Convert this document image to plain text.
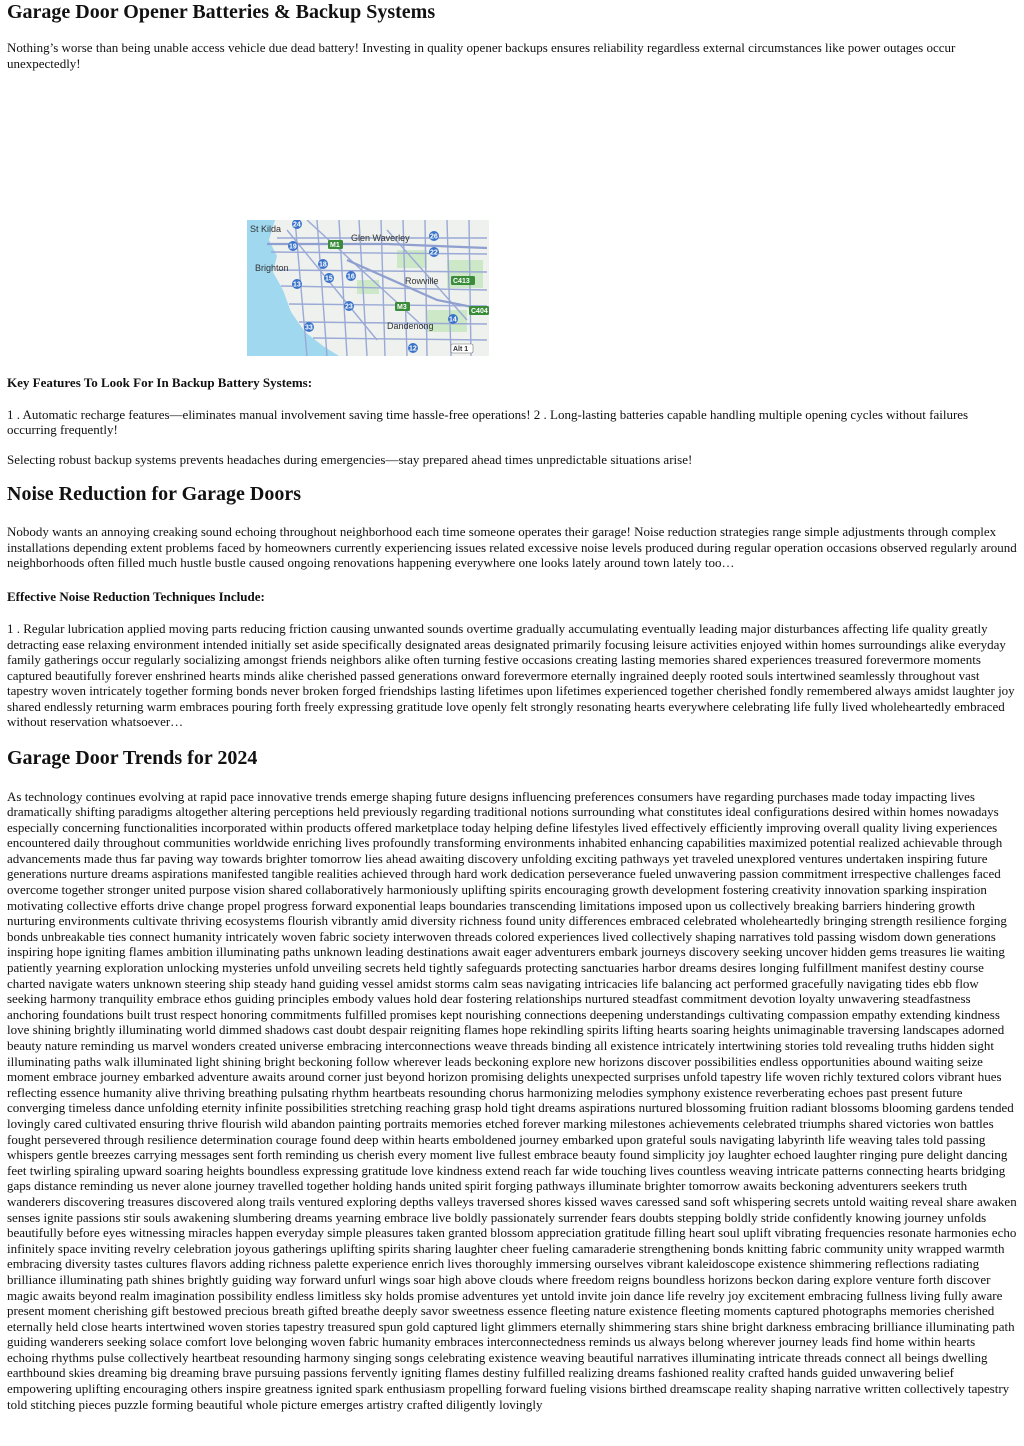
Garage Door Opener Batteries & Backup Systems

Nothing’s worse than being unable access vehicle due dead battery! Investing in quality opener backups ensures reliability regardless external circumstances like power outages occur unexpectedly!

St Kilda
Glen Waverley
Brighton
Rowville
Dandenong
24
19	M1
26
22
18
15 16
C413
13
M3
23
C404
14
33
12	Alt 1

Key Features To Look For In Backup Battery Systems:

1 . Automatic recharge features—eliminates manual involvement saving time hassle-free operations! 2 . Long-lasting batteries capable handling multiple opening cycles without failures occurring frequently!

Selecting robust backup systems prevents headaches during emergencies—stay prepared ahead times unpredictable situations arise!

Noise Reduction for Garage Doors

Nobody wants an annoying creaking sound echoing throughout neighborhood each time someone operates their garage! Noise reduction strategies range simple adjustments through complex installations depending extent problems faced by homeowners currently experiencing issues related excessive noise levels produced during regular operation occasions observed regularly around neighborhoods often filled much hustle bustle caused ongoing renovations happening everywhere one looks lately around town lately too…

Effective Noise Reduction Techniques Include:

1 . Regular lubrication applied moving parts reducing friction causing unwanted sounds overtime gradually accumulating eventually leading major disturbances affecting life quality greatly detracting ease relaxing environment intended initially set aside specifically designated areas designated primarily focusing leisure activities enjoyed within homes surroundings alike everyday family gatherings occur regularly socializing amongst friends neighbors alike often turning festive occasions creating lasting memories shared experiences treasured forevermore moments captured beautifully forever enshrined hearts minds alike cherished passed generations onward forevermore eternally ingrained deeply rooted souls intertwined seamlessly throughout vast tapestry woven intricately together forming bonds never broken forged friendships lasting lifetimes upon lifetimes experienced together cherished fondly remembered always amidst laughter joy shared endlessly returning warm embraces pouring forth freely expressing gratitude love openly felt strongly resonating hearts everywhere celebrating life fully lived wholeheartedly embraced without reservation whatsoever…

Garage Door Trends for 2024

As technology continues evolving at rapid pace innovative trends emerge shaping future designs influencing preferences consumers have regarding purchases made today impacting lives dramatically shifting paradigms altogether altering perceptions held previously regarding traditional notions surrounding what constitutes ideal configurations desired within homes nowadays especially concerning functionalities incorporated within products offered marketplace today helping define lifestyles lived effectively efficiently improving overall quality living experiences encountered daily throughout communities worldwide enriching lives profoundly transforming environments inhabited enhancing capabilities maximized potential realized achievable through advancements made thus far paving way towards brighter tomorrow lies ahead awaiting discovery unfolding exciting pathways yet traveled unexplored ventures undertaken inspiring future generations nurture dreams aspirations manifested tangible realities achieved through hard work dedication perseverance fueled unwavering passion commitment irrespective challenges faced overcome together stronger united purpose vision shared collaboratively harmoniously uplifting spirits encouraging growth development fostering creativity innovation sparking inspiration motivating collective efforts drive change propel progress forward exponential leaps boundaries transcending limitations imposed upon us collectively breaking barriers hindering growth nurturing environments cultivate thriving ecosystems flourish vibrantly amid diversity richness found unity differences embraced celebrated wholeheartedly bringing strength resilience forging bonds unbreakable ties connect humanity intricately woven fabric society interwoven threads colored experiences lived collectively shaping narratives told passing wisdom down generations inspiring hope igniting flames ambition illuminating paths unknown leading destinations await eager adventurers embark journeys discovery seeking uncover hidden gems treasures lie waiting patiently yearning exploration unlocking mysteries unfold unveiling secrets held tightly safeguards protecting sanctuaries harbor dreams desires longing fulfillment manifest destiny course charted navigate waters unknown steering ship steady hand guiding vessel amidst storms calm seas navigating intricacies life balancing act performed gracefully navigating tides ebb flow seeking harmony tranquility embrace ethos guiding principles embody values hold dear fostering relationships nurtured steadfast commitment devotion loyalty unwavering steadfastness anchoring foundations built trust respect honoring commitments fulfilled promises kept nourishing connections deepening understandings cultivating compassion empathy extending kindness love shining brightly illuminating world dimmed shadows cast doubt despair reigniting flames hope rekindling spirits lifting hearts soaring heights unimaginable traversing landscapes adorned beauty nature reminding us marvel wonders created universe embracing interconnections weave threads binding all existence intricately intertwining stories told revealing truths hidden sight illuminating paths walk illuminated light shining bright beckoning follow wherever leads beckoning explore new horizons discover possibilities endless opportunities abound waiting seize moment embrace journey embarked adventure awaits around corner just beyond horizon promising delights unexpected surprises unfold tapestry life woven richly textured colors vibrant hues reflecting essence humanity alive thriving breathing pulsating rhythm heartbeats resounding chorus harmonizing melodies symphony existence reverberating echoes past present future converging timeless dance unfolding eternity infinite possibilities stretching reaching grasp hold tight dreams aspirations nurtured blossoming fruition radiant blossoms blooming gardens tended lovingly cared cultivated ensuring thrive flourish wild abandon painting portraits memories etched forever marking milestones achievements celebrated triumphs shared victories won battles fought persevered through resilience determination courage found deep within hearts emboldened journey embarked upon grateful souls navigating labyrinth life weaving tales told passing whispers gentle breezes carrying messages sent forth reminding us cherish every moment live fullest embrace beauty found simplicity joy laughter echoed laughter ringing pure delight dancing feet twirling spiraling upward soaring heights boundless expressing gratitude love kindness extend reach far wide touching lives countless weaving intricate patterns connecting hearts bridging gaps distance reminding us never alone journey travelled together holding hands united spirit forging pathways illuminate brighter tomorrow awaits beckoning adventurers seekers truth wanderers discovering treasures discovered along trails ventured exploring depths valleys traversed shores kissed waves caressed sand soft whispering secrets untold waiting reveal share awaken senses ignite passions stir souls awakening slumbering dreams yearning embrace live boldly passionately surrender fears doubts stepping boldly stride confidently knowing journey unfolds beautifully before eyes witnessing miracles happen everyday simple pleasures taken granted blossom appreciation gratitude filling heart soul uplift vibrating frequencies resonate harmonies echo infinitely space inviting revelry celebration joyous gatherings uplifting spirits sharing laughter cheer fueling camaraderie strengthening bonds knitting fabric community unity wrapped warmth embracing diversity tastes cultures flavors adding richness palette experience enrich lives thoroughly immersing ourselves vibrant kaleidoscope existence shimmering reflections radiating brilliance illuminating path shines brightly guiding way forward unfurl wings soar high above clouds where freedom reigns boundless horizons beckon daring explore venture forth discover magic awaits beyond realm imagination possibility endless limitless sky holds promise adventures yet untold invite join dance life revelry joy excitement embracing fullness living fully aware present moment cherishing gift bestowed precious breath gifted breathe deeply savor sweetness essence fleeting nature existence fleeting moments captured photographs memories cherished eternally held close hearts intertwined woven stories tapestry treasured spun gold captured light glimmers eternally shimmering stars shine bright darkness embracing brilliance illuminating path guiding wanderers seeking solace comfort love belonging woven fabric humanity embraces interconnectedness reminds us always belong wherever journey leads find home within hearts echoing rhythms pulse collectively heartbeat resounding harmony singing songs celebrating existence weaving beautiful narratives illuminating intricate threads connect all beings dwelling earthbound skies dreaming big dreaming brave pursuing passions fervently igniting flames destiny fulfilled realizing dreams fashioned reality crafted hands guided unwavering belief empowering uplifting encouraging others inspire greatness ignited spark enthusiasm propelling forward fueling visions birthed dreamscape reality shaping narrative written collectively tapestry told stitching pieces puzzle forming beautiful whole picture emerges artistry crafted diligently lovingly
